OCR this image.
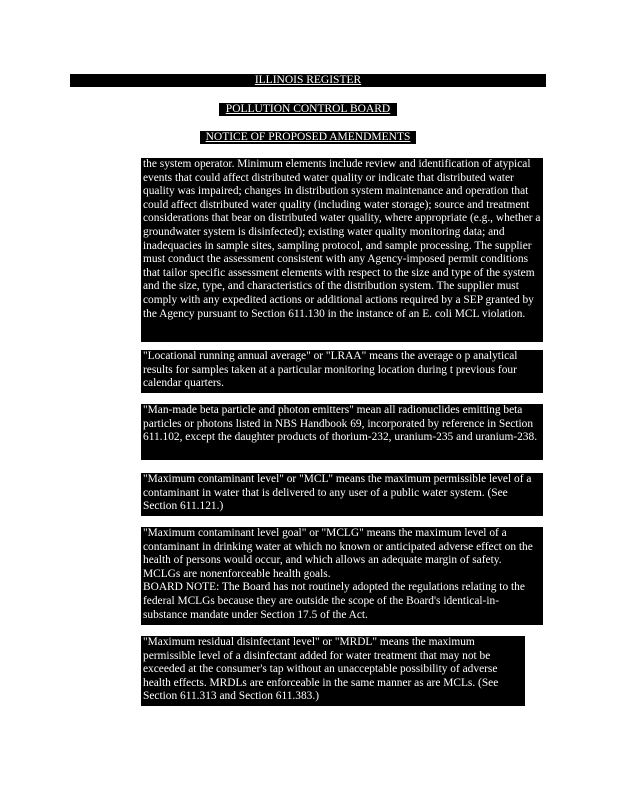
ILLINOIS REGISTER
POLLUTION CONTROL BOARD
NOTICE OF PROPOSED AMENDMENTS

the system operator. Minimum elements include review and identification of atypical events that could affect distributed water quality or indicate that distributed water quality was impaired; changes in distribution system maintenance and operation that could affect distributed water quality (including water storage); source and treatment considerations that bear on distributed water quality, where appropriate (e.g., whether a groundwater system is disinfected); existing water quality monitoring data; and inadequacies in sample sites, sampling protocol, and sample processing. The supplier must conduct the assessment consistent with any Agency-imposed permit conditions that tailor specific assessment elements with respect to the size and type of the system and the size, type, and characteristics of the distribution system. The supplier must comply with any expedited actions or additional actions required by a SEP granted by the Agency pursuant to Section 611.130 in the instance of an E. coli MCL violation.

"Locational running annual average" or "LRAA" means the average o p analytical results for samples taken at a particular monitoring location during t previous four calendar quarters.

"Man-made beta particle and photon emitters" mean all radionuclides emitting beta particles or photons listed in NBS Handbook 69, incorporated by reference in Section 611.102, except the daughter products of thorium-232, uranium-235 and uranium-238.

"Maximum contaminant level" or "MCL" means the maximum permissible level of a contaminant in water that is delivered to any user of a public water system. (See Section 611.121.)

"Maximum contaminant level goal" or "MCLG" means the maximum level of a contaminant in drinking water at which no known or anticipated adverse effect on the health of persons would occur, and which allows an adequate margin of safety. MCLGs are nonenforceable health goals.

BOARD NOTE: The Board has not routinely adopted the regulations relating to the federal MCLGs because they are outside the scope of the Board's identical-in-substance mandate under Section 17.5 of the Act.

"Maximum residual disinfectant level" or "MRDL" means the maximum permissible level of a disinfectant added for water treatment that may not be exceeded at the consumer's tap without an unacceptable possibility of adverse health effects. MRDLs are enforceable in the same manner as are MCLs. (See Section 611.313 and Section 611.383.)
